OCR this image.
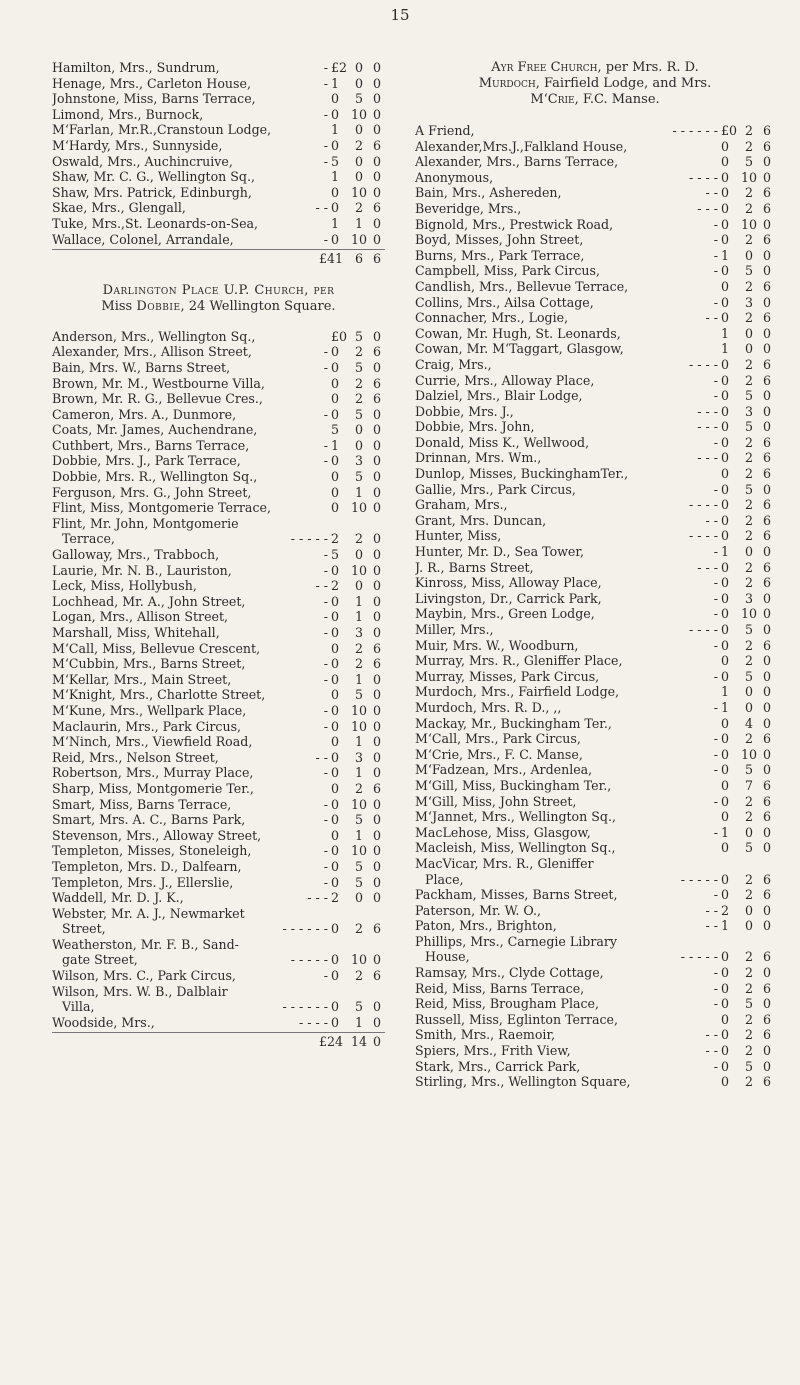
15
Hamilton, Mrs., Sundrum,	- £2 0 0
Henage, Mrs., Carleton House,	- 1	0 0
Johnstone, Miss, Barns Terrace,	0	5 0
Limond, Mrs., Burnock,	- 0 10 0
M‘Farlan, Mr.R.,Cranstoun Lodge,	1	0 0
M‘Hardy, Mrs., Sunnyside,	- 0	2 6
Oswald, Mrs., Auchincruive,	- 5	0 0
Shaw, Mr. C. G., Wellington Sq.,	1	0 0
Shaw, Mrs. Patrick, Edinburgh,	0 10 0
Skae, Mrs., Glengall,	- - 0	2 6
Tuke, Mrs.,St. Leonards-on-Sea,	1	1 0
Wallace, Colonel, Arrandale,	- 0 10 0
£41 6 6
Darlington Place U.P. Church, per
Miss Dobbie, 24 Wellington Square.
Anderson, Mrs., Wellington Sq.,	£0 5 0
Alexander, Mrs., Allison Street,	- 0	2 6
Bain, Mrs. W., Barns Street,	- 0	5 0
Brown, Mr. M., Westbourne Villa,	0	2 6
Brown, Mr. R. G., Bellevue Cres.,	0	2 6
Cameron, Mrs. A., Dunmore,	- 0	5 0
Coats, Mr. James, Auchendrane,	5	0 0
Cuthbert, Mrs., Barns Terrace,	- 1	0 0
Dobbie, Mrs. J., Park Terrace,	- 0	3 0
Dobbie, Mrs. R., Wellington Sq.,	0	5 0
Ferguson, Mrs. G., John Street,	0	1 0
Flint, Miss, Montgomerie Terrace,	0 10 0
Flint, Mr. John, Montgomerie
Terrace,	- - - - - 2	2 0
Galloway, Mrs., Trabboch,	- 5	0 0
Laurie, Mr. N. B., Lauriston,	- 0 10 0
Leck, Miss, Hollybush,	- - 2	0 0
Lochhead, Mr. A., John Street,	- 0	1 0
Logan, Mrs., Allison Street,	- 0	1 0
Marshall, Miss, Whitehall,	- 0	3 0
M‘Call, Miss, Bellevue Crescent,	0	2 6
M‘Cubbin, Mrs., Barns Street,	- 0	2 6
M‘Kellar, Mrs., Main Street,	- 0	1 0
M‘Knight, Mrs., Charlotte Street,	0	5 0
M‘Kune, Mrs., Wellpark Place,	- 0 10 0
Maclaurin, Mrs., Park Circus,	- 0 10 0
M‘Ninch, Mrs., Viewfield Road,	0	1 0
Reid, Mrs., Nelson Street,	- - 0	3 0
Robertson, Mrs., Murray Place,	- 0	1 0
Sharp, Miss, Montgomerie Ter.,	0	2 6
Smart, Miss, Barns Terrace,	- 0 10 0
Smart, Mrs. A. C., Barns Park,	- 0	5 0
Stevenson, Mrs., Alloway Street,	0	1 0
Templeton, Misses, Stoneleigh,	- 0 10 0
Templeton, Mrs. D., Dalfearn,	- 0	5 0
Templeton, Mrs. J., Ellerslie,	- 0	5 0
Waddell, Mr. D. J. K.,	- - - 2	0 0
Webster, Mr. A. J., Newmarket
Street,	- - - - - - 0	2 6
Weatherston, Mr. F. B., Sand-
gate Street,	- - - - - 0 10 0
Wilson, Mrs. C., Park Circus,	- 0	2 6
Wilson, Mrs. W. B., Dalblair
Villa,	- - - - - - 0	5 0
Woodside, Mrs.,	- - - - 0	1 0
£24 14 0
Ayr Free Church, per Mrs. R. D.
Murdoch, Fairfield Lodge, and Mrs.
M‘Crie, F.C. Manse.
A Friend,	- - - - - - £0 2 6
Alexander,Mrs.J.,Falkland House,	0	2 6
Alexander, Mrs., Barns Terrace,	0	5 0
Anonymous,	- - - - 0 10 0
Bain, Mrs., Ashereden,	- - 0	2 6
Beveridge, Mrs.,	- - - 0	2 6
Bignold, Mrs., Prestwick Road,	- 0 10 0
Boyd, Misses, John Street,	- 0	2 6
Burns, Mrs., Park Terrace,	- 1	0 0
Campbell, Miss, Park Circus,	- 0	5 0
Candlish, Mrs., Bellevue Terrace,	0	2 6
Collins, Mrs., Ailsa Cottage,	- 0	3 0
Connacher, Mrs., Logie,	- - 0	2 6
Cowan, Mr. Hugh, St. Leonards,	1	0 0
Cowan, Mr. M‘Taggart, Glasgow,	1	0 0
Craig, Mrs.,	- - - - 0	2 6
Currie, Mrs., Alloway Place,	- 0	2 6
Dalziel, Mrs., Blair Lodge,	- 0	5 0
Dobbie, Mrs. J.,	- - - 0	3 0
Dobbie, Mrs. John,	- - - 0	5 0
Donald, Miss K., Wellwood,	- 0	2 6
Drinnan, Mrs. Wm.,	- - - 0	2 6
Dunlop, Misses, BuckinghamTer.,	0	2 6
Gallie, Mrs., Park Circus,	- 0	5 0
Graham, Mrs.,	- - - - 0	2 6
Grant, Mrs. Duncan,	- - 0	2 6
Hunter, Miss,	- - - - 0	2 6
Hunter, Mr. D., Sea Tower,	- 1	0 0
J. R., Barns Street,	- - - 0	2 6
Kinross, Miss, Alloway Place,	- 0	2 6
Livingston, Dr., Carrick Park,	- 0	3 0
Maybin, Mrs., Green Lodge,	- 0 10 0
Miller, Mrs.,	- - - - 0	5 0
Muir, Mrs. W., Woodburn,	- 0	2 6
Murray, Mrs. R., Gleniffer Place,	0	2 0
Murray, Misses, Park Circus,	- 0	5 0
Murdoch, Mrs., Fairfield Lodge,	1	0 0
Murdoch, Mrs. R. D., ,,	- 1	0 0
Mackay, Mr., Buckingham Ter.,	0	4 0
M‘Call, Mrs., Park Circus,	- 0	2 6
M‘Crie, Mrs., F. C. Manse,	- 0 10 0
M‘Fadzean, Mrs., Ardenlea,	- 0	5 0
M‘Gill, Miss, Buckingham Ter.,	0	7 6
M‘Gill, Miss, John Street,	- 0	2 6
M‘Jannet, Mrs., Wellington Sq.,	0	2 6
MacLehose, Miss, Glasgow,	- 1	0 0
Macleish, Miss, Wellington Sq.,	0	5 0
MacVicar, Mrs. R., Gleniffer
Place,	- - - - - 0	2 6
Packham, Misses, Barns Street,	- 0	2 6
Paterson, Mr. W. O.,	- - 2	0 0
Paton, Mrs., Brighton,	- - 1	0 0
Phillips, Mrs., Carnegie Library
House,	- - - - - 0	2 6
Ramsay, Mrs., Clyde Cottage,	- 0	2 0
Reid, Miss, Barns Terrace,	- 0	2 6
Reid, Miss, Brougham Place,	- 0	5 0
Russell, Miss, Eglinton Terrace,	0	2 6
Smith, Mrs., Raemoir,	- - 0	2 6
Spiers, Mrs., Frith View,	- - 0	2 0
Stark, Mrs., Carrick Park,	- 0	5 0
Stirling, Mrs., Wellington Square,	0	2 6
